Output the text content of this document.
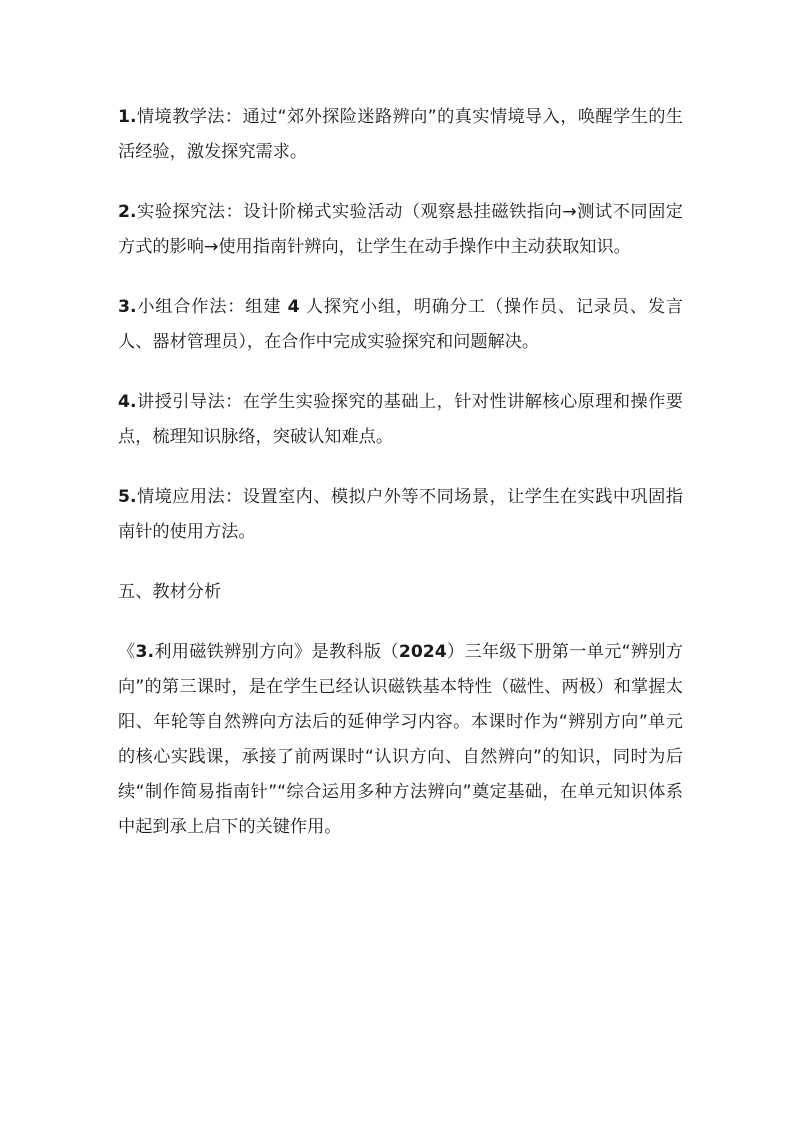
1.情境教学法：通过“郊外探险迷路辨向”的真实情境导入，唤醒学生的生活经验，激发探究需求。

2.实验探究法：设计阶梯式实验活动（观察悬挂磁铁指向→测试不同固定方式的影响→使用指南针辨向，让学生在动手操作中主动获取知识。

3.小组合作法：组建 4 人探究小组，明确分工（操作员、记录员、发言人、器材管理员），在合作中完成实验探究和问题解决。

4.讲授引导法：在学生实验探究的基础上，针对性讲解核心原理和操作要点，梳理知识脉络，突破认知难点。

5.情境应用法：设置室内、模拟户外等不同场景，让学生在实践中巩固指南针的使用方法。

五、教材分析

《3.利用磁铁辨别方向》是教科版（2024）三年级下册第一单元“辨别方向”的第三课时，是在学生已经认识磁铁基本特性（磁性、两极）和掌握太阳、年轮等自然辨向方法后的延伸学习内容。本课时作为“辨别方向”单元的核心实践课，承接了前两课时“认识方向、自然辨向”的知识，同时为后续“制作简易指南针”“综合运用多种方法辨向”奠定基础，在单元知识体系中起到承上启下的关键作用。
